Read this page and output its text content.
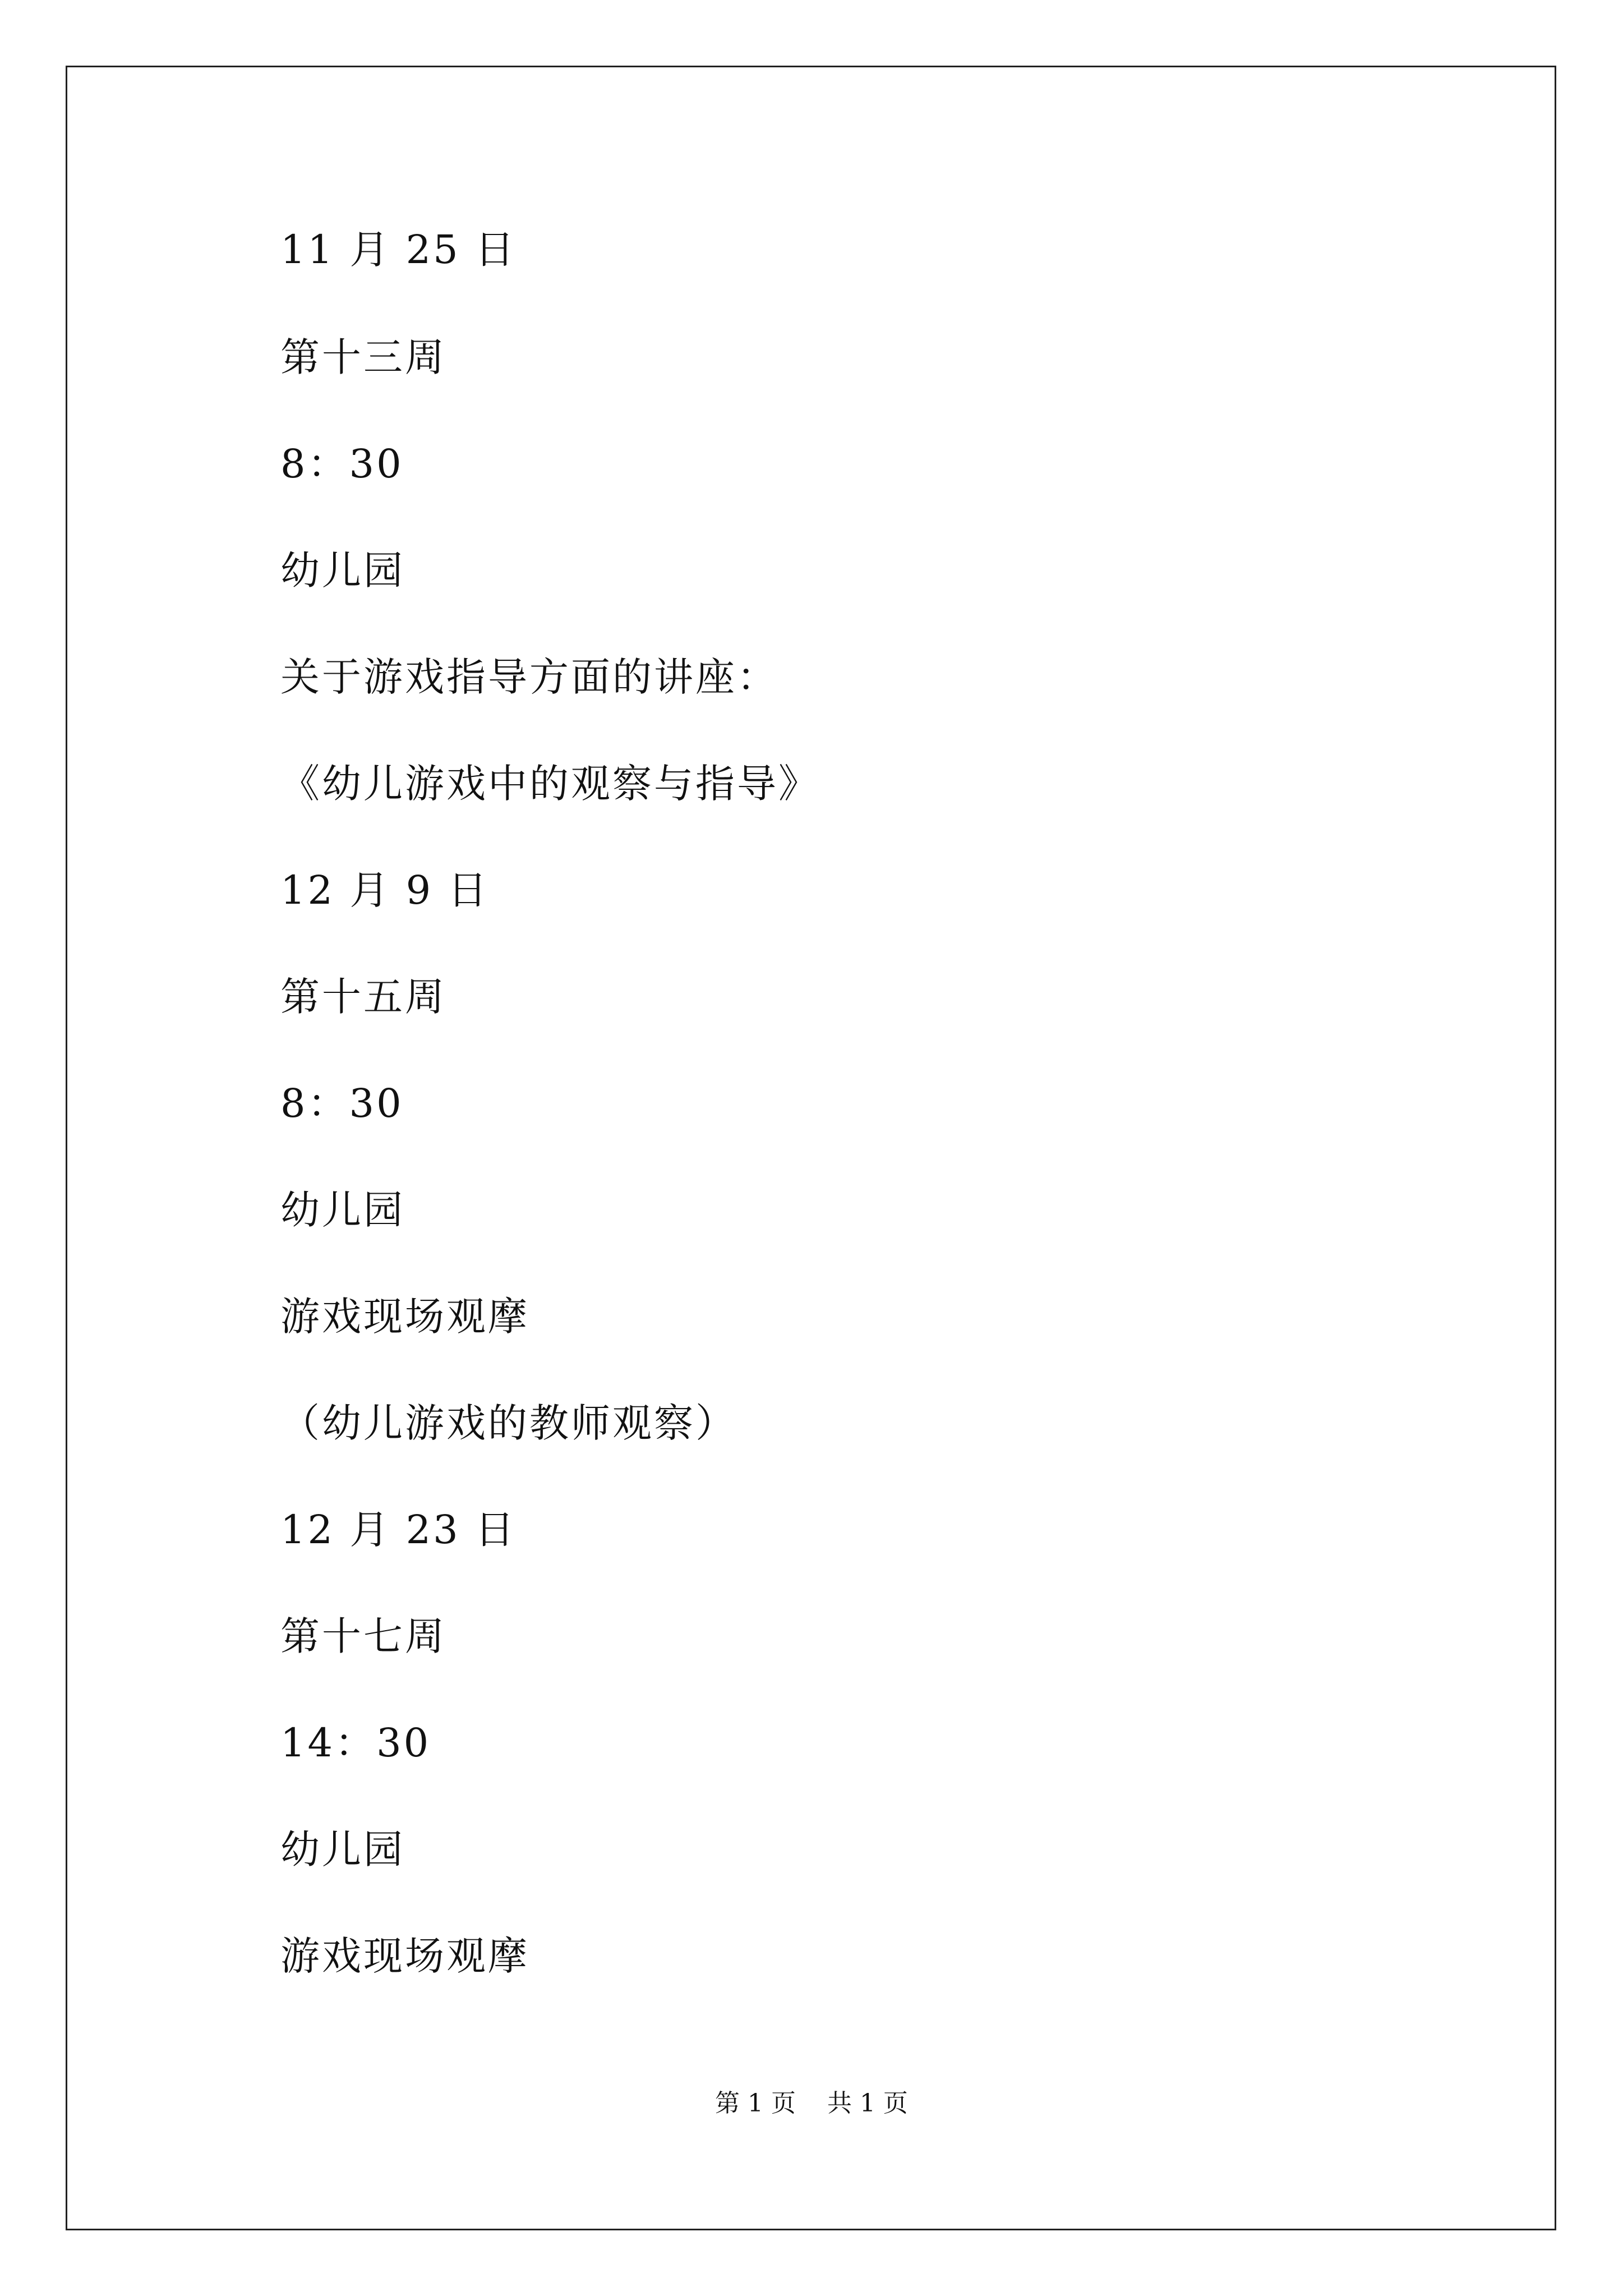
11 月 25 日
第十三周
8：30
幼儿园
关于游戏指导方面的讲座：
《幼儿游戏中的观察与指导》
12 月 9 日
第十五周
8：30
幼儿园
游戏现场观摩
（幼儿游戏的教师观察）
12 月 23 日
第十七周
14：30
幼儿园
游戏现场观摩
第 1 页    共 1 页
